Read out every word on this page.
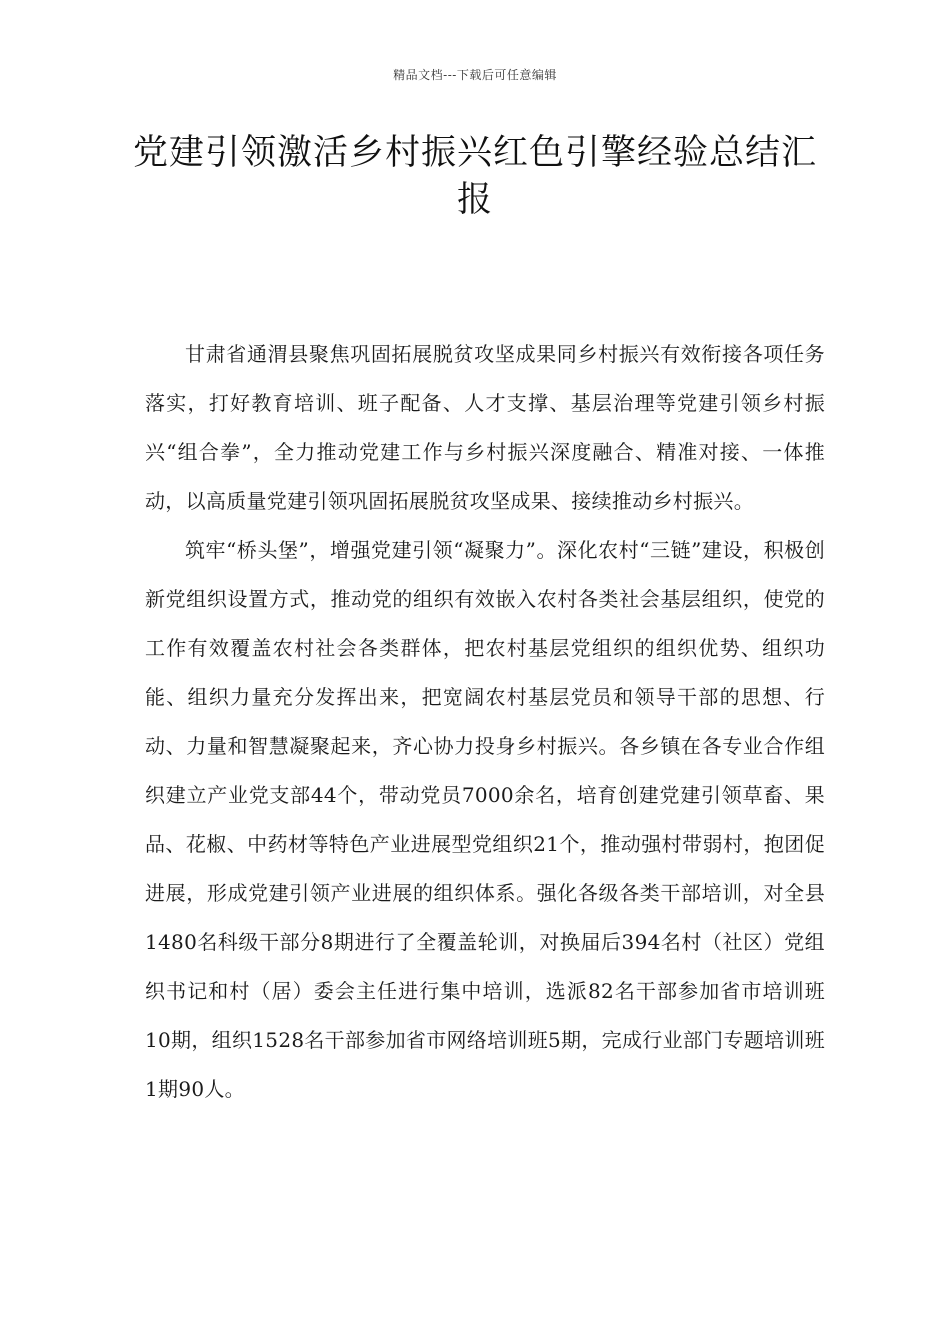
精品文档---下载后可任意编辑
党建引领激活乡村振兴红色引擎经验总结汇报

甘肃省通渭县聚焦巩固拓展脱贫攻坚成果同乡村振兴有效衔接各项任务落实，打好教育培训、班子配备、人才支撑、基层治理等党建引领乡村振兴“组合拳”，全力推动党建工作与乡村振兴深度融合、精准对接、一体推动，以高质量党建引领巩固拓展脱贫攻坚成果、接续推动乡村振兴。

筑牢“桥头堡”，增强党建引领“凝聚力”。深化农村“三链”建设，积极创新党组织设置方式，推动党的组织有效嵌入农村各类社会基层组织，使党的工作有效覆盖农村社会各类群体，把农村基层党组织的组织优势、组织功能、组织力量充分发挥出来，把宽阔农村基层党员和领导干部的思想、行动、力量和智慧凝聚起来，齐心协力投身乡村振兴。各乡镇在各专业合作组织建立产业党支部44个，带动党员7000余名，培育创建党建引领草畜、果品、花椒、中药材等特色产业进展型党组织21个，推动强村带弱村，抱团促进展，形成党建引领产业进展的组织体系。强化各级各类干部培训，对全县1480名科级干部分8期进行了全覆盖轮训，对换届后394名村（社区）党组织书记和村（居）委会主任进行集中培训，选派82名干部参加省市培训班10期，组织1528名干部参加省市网络培训班5期，完成行业部门专题培训班1期90人。
